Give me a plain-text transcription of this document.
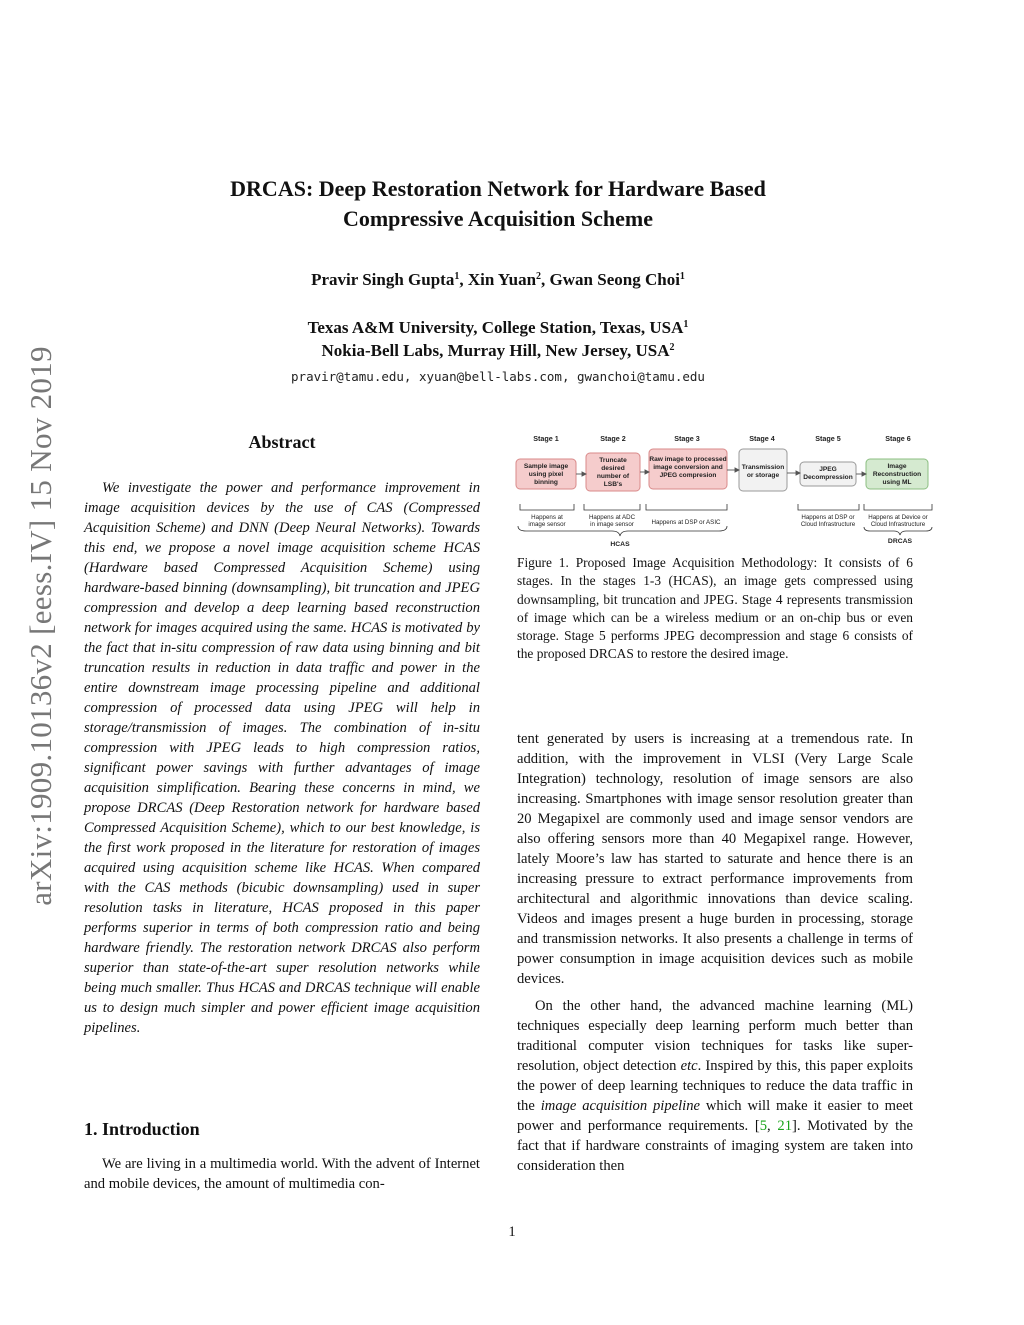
arXiv:1909.10136v2 [eess.IV] 15 Nov 2019
DRCAS: Deep Restoration Network for Hardware Based
Compressive Acquisition Scheme
Pravir Singh Gupta$^1$, Xin Yuan$^2$, Gwan Seong Choi$^1$
Texas A&M University, College Station, Texas, USA$^1$
Nokia-Bell Labs, Murray Hill, New Jersey, USA$^2$
pravir@tamu.edu, xyuan@bell-labs.com, gwanchoi@tamu.edu
Abstract

We investigate the power and performance improvement in image acquisition devices by the use of CAS (Compressed Acquisition Scheme) and DNN (Deep Neural Networks). Towards this end, we propose a novel image acquisition scheme HCAS (Hardware based Compressed Acquisition Scheme) using hardware-based binning (downsampling), bit truncation and JPEG compression and develop a deep learning based reconstruction network for images acquired using the same. HCAS is motivated by the fact that in-situ compression of raw data using binning and bit truncation results in reduction in data traffic and power in the entire downstream image processing pipeline and additional compression of processed data using JPEG will help in storage/transmission of images. The combination of in-situ compression with JPEG leads to high compression ratios, significant power savings with further advantages of image acquisition simplification. Bearing these concerns in mind, we propose DRCAS (Deep Restoration network for hardware based Compressed Acquisition Scheme), which to our best knowledge, is the first work proposed in the literature for restoration of images acquired using acquisition scheme like HCAS. When compared with the CAS methods (bicubic downsampling) used in super resolution tasks in literature, HCAS proposed in this paper performs superior in terms of both compression ratio and being hardware friendly. The restoration network DRCAS also perform superior than state-of-the-art super resolution networks while being much smaller. Thus HCAS and DRCAS technique will enable us to design much simpler and power efficient image acquisition pipelines.

1. Introduction

We are living in a multimedia world. With the advent of Internet and mobile devices, the amount of multimedia con-

Stage 1	Stage 2	Stage 3	Stage 4	Stage 5	Stage 6
Sample image
using pixel
binning
Truncate
desired
number of
LSB's
Raw image to processed
image conversion and
JPEG compresion
Transmission
or storage
JPEG
Decompression
Image
Reconstruction
using ML
Happens at
image sensor
Happens at ADC
in image sensor	Happens at DSP or ASIC
Happens at DSP or
Cloud Infrastructure
Happens at Device or
Cloud Infrastructure
HCAS	DRCAS

Figure 1. Proposed Image Acquisition Methodology: It consists of 6 stages. In the stages 1-3 (HCAS), an image gets compressed using downsampling, bit truncation and JPEG. Stage 4 represents transmission of image which can be a wireless medium or an on-chip bus or even storage. Stage 5 performs JPEG decompression and stage 6 consists of the proposed DRCAS to restore the desired image.

tent generated by users is increasing at a tremendous rate. In addition, with the improvement in VLSI (Very Large Scale Integration) technology, resolution of image sensors are also increasing. Smartphones with image sensor resolution greater than 20 Megapixel are commonly used and image sensor vendors are also offering sensors more than 40 Megapixel range. However, lately Moore’s law has started to saturate and hence there is an increasing pressure to extract performance improvements from architectural and algorithmic innovations than device scaling. Videos and images present a huge burden in processing, storage and transmission networks. It also presents a challenge in terms of power consumption in image acquisition devices such as mobile devices.

On the other hand, the advanced machine learning (ML) techniques especially deep learning perform much better than traditional computer vision techniques for tasks like super-resolution, object detection etc. Inspired by this, this paper exploits the power of deep learning techniques to reduce the data traffic in the image acquisition pipeline which will make it easier to meet power and performance requirements. [5, 21]. Motivated by the fact that if hardware constraints of imaging system are taken into consideration then

1
